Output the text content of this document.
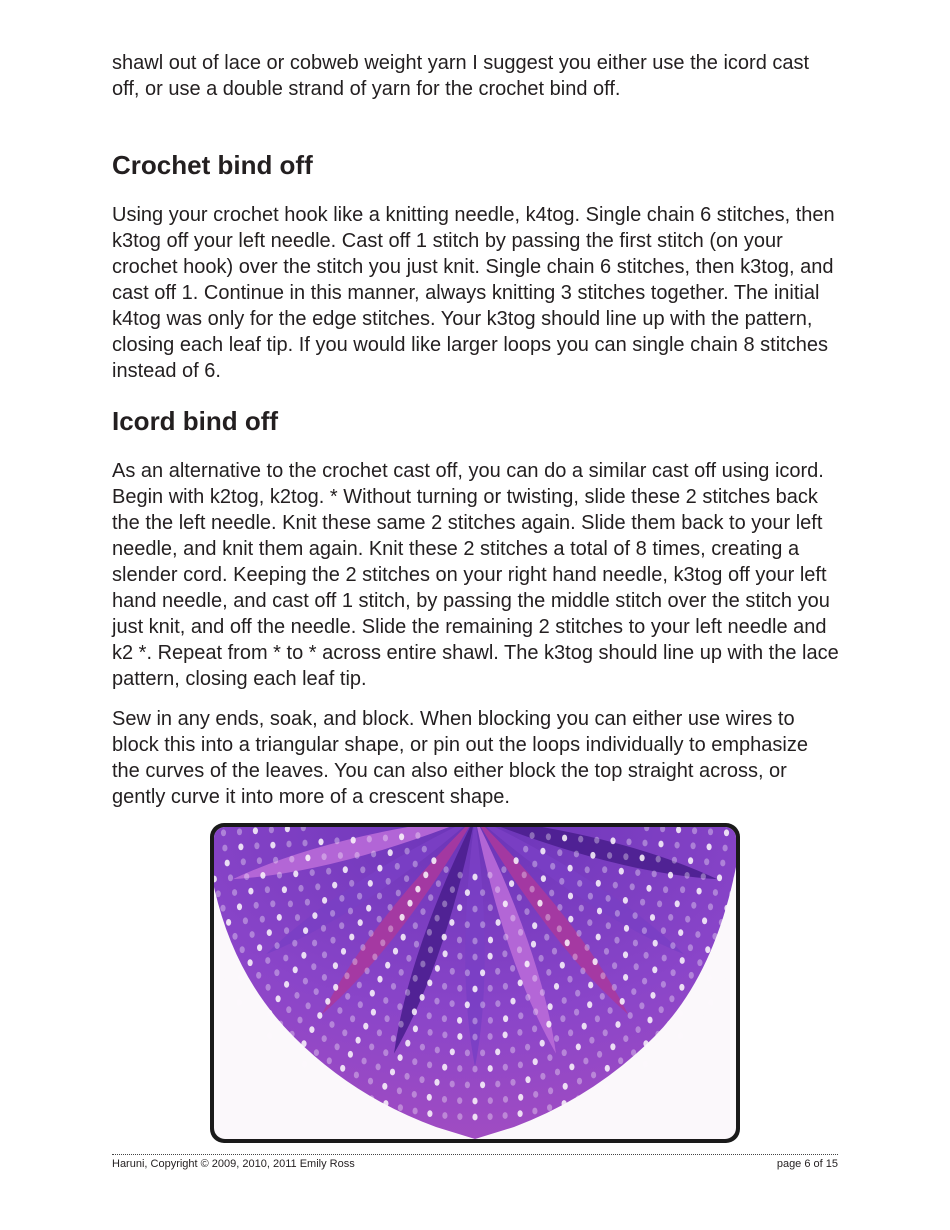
shawl out of lace or cobweb weight yarn I suggest you either use the icord cast off, or use a double strand of yarn for the crochet bind off.

Crochet bind off

Using your crochet hook like a knitting needle, k4tog. Single chain 6 stitches, then k3tog off your left needle. Cast off 1 stitch by passing the first stitch (on your crochet hook) over the stitch you just knit. Single chain 6 stitches, then k3tog, and cast off 1. Continue in this manner, always knitting 3 stitches together. The initial k4tog was only for the edge stitches. Your k3tog should line up with the pattern, closing each leaf tip. If you would like larger loops you can single chain 8 stitches instead of 6.

Icord bind off

As an alternative to the crochet cast off, you can do a similar cast off using icord. Begin with k2tog, k2tog. * Without turning or twisting, slide these 2 stitches back the the left needle. Knit these same 2 stitches again. Slide them back to your left needle, and knit them again. Knit these 2 stitches a total of 8 times, creating a slender cord. Keeping the 2 stitches on your right hand needle, k3tog off your left hand needle, and cast off 1 stitch, by passing the middle stitch over the stitch you just knit, and off the needle. Slide the remaining 2 stitches to your left needle and k2 *. Repeat from * to * across entire shawl. The k3tog should line up with the lace pattern, closing each leaf tip.

Sew in any ends, soak, and block. When blocking you can either use wires to block this into a triangular shape, or pin out the loops individually to emphasize the curves of the leaves. You can also either block the top straight across, or gently curve it into more of a crescent shape.

Haruni, Copyright © 2009, 2010, 2011 Emily Ross	page 6 of 15
